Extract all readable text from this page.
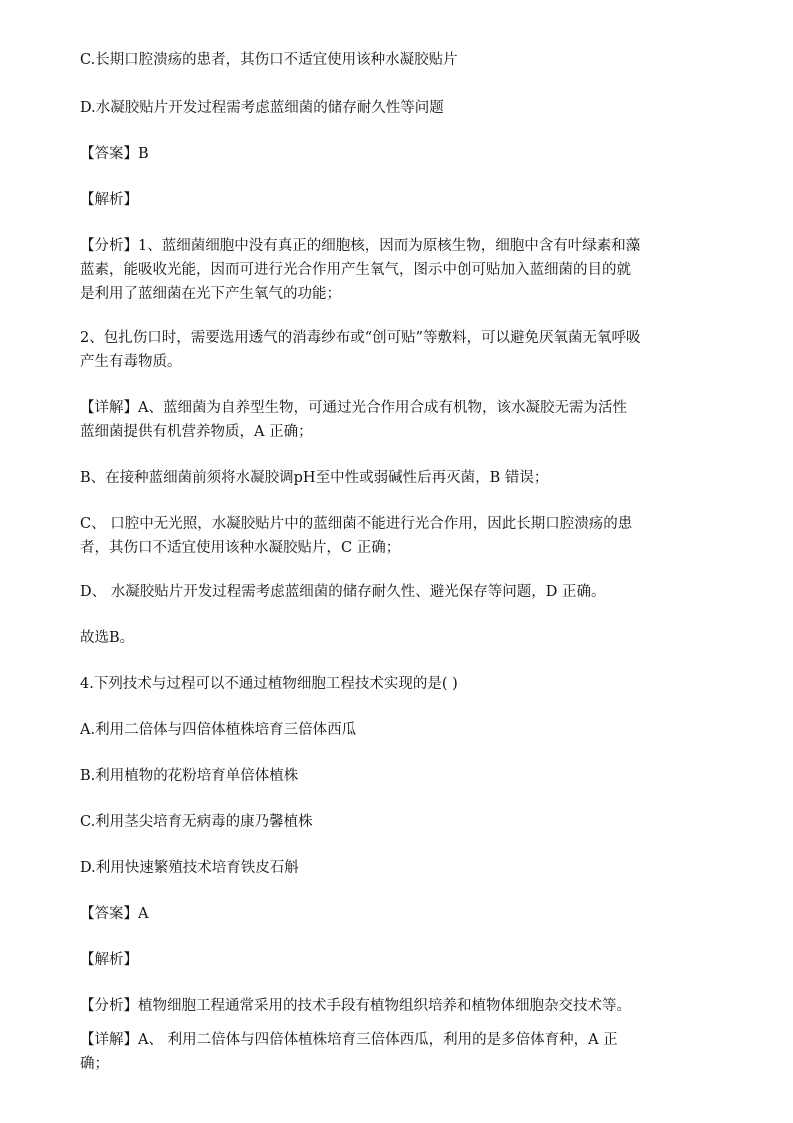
C.长期口腔溃疡的患者，其伤口不适宜使用该种水凝胶贴片
D.水凝胶贴片开发过程需考虑蓝细菌的储存耐久性等问题
【答案】B
【解析】
【分析】1、蓝细菌细胞中没有真正的细胞核，因而为原核生物，细胞中含有叶绿素和藻
蓝素，能吸收光能，因而可进行光合作用产生氧气，图示中创可贴加入蓝细菌的目的就
是利用了蓝细菌在光下产生氧气的功能；
2、包扎伤口时，需要选用透气的消毒纱布或“创可贴”等敷料，可以避免厌氧菌无氧呼吸
产生有毒物质。
【详解】A、蓝细菌为自养型生物，可通过光合作用合成有机物，该水凝胶无需为活性
蓝细菌提供有机营养物质，A 正确；
B、在接种蓝细菌前须将水凝胶调pH至中性或弱碱性后再灭菌，B 错误；
C、 口腔中无光照，水凝胶贴片中的蓝细菌不能进行光合作用，因此长期口腔溃疡的患
者，其伤口不适宜使用该种水凝胶贴片，C 正确；
D、 水凝胶贴片开发过程需考虑蓝细菌的储存耐久性、避光保存等问题，D 正确。
故选B。
4.下列技术与过程可以不通过植物细胞工程技术实现的是( )
A.利用二倍体与四倍体植株培育三倍体西瓜
B.利用植物的花粉培育单倍体植株
C.利用茎尖培育无病毒的康乃馨植株
D.利用快速繁殖技术培育铁皮石斛
【答案】A
【解析】
【分析】植物细胞工程通常采用的技术手段有植物组织培养和植物体细胞杂交技术等。
【详解】A、 利用二倍体与四倍体植株培育三倍体西瓜，利用的是多倍体育种，A 正
确；
